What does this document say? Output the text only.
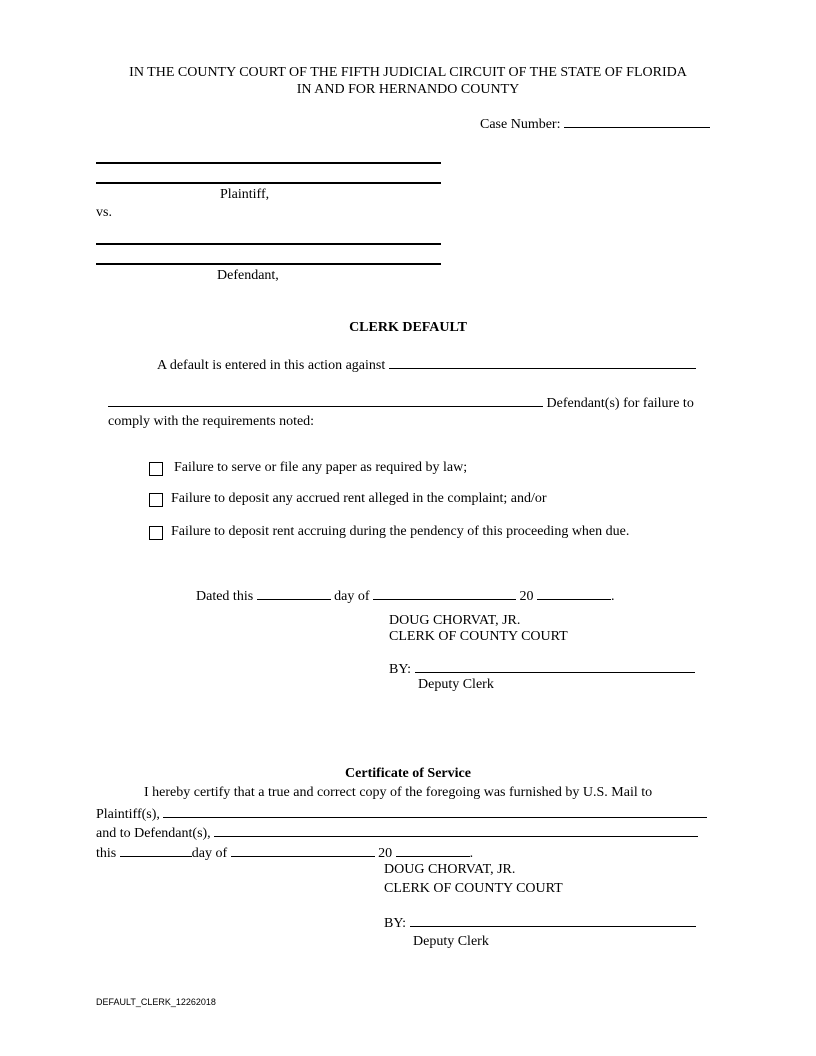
IN THE COUNTY COURT OF THE FIFTH JUDICIAL CIRCUIT OF THE STATE OF FLORIDA
IN AND FOR HERNANDO COUNTY
Case Number:
Plaintiff,
vs.
Defendant,
CLERK DEFAULT
A default is entered in this action against
Defendant(s) for failure to
comply with the requirements noted:
Failure to serve or file any paper as required by law;
Failure to deposit any accrued rent alleged in the complaint; and/or
Failure to deposit rent accruing during the pendency of this proceeding when due.
Dated this	day of	20	.
DOUG CHORVAT, JR.
CLERK OF COUNTY COURT
BY:
Deputy Clerk
Certificate of Service
I hereby certify that a true and correct copy of the foregoing was furnished by U.S. Mail to
Plaintiff(s),
and to Defendant(s),
this	day of	20	.
DOUG CHORVAT, JR.
CLERK OF COUNTY COURT
BY:
Deputy Clerk
DEFAULT_CLERK_12262018
